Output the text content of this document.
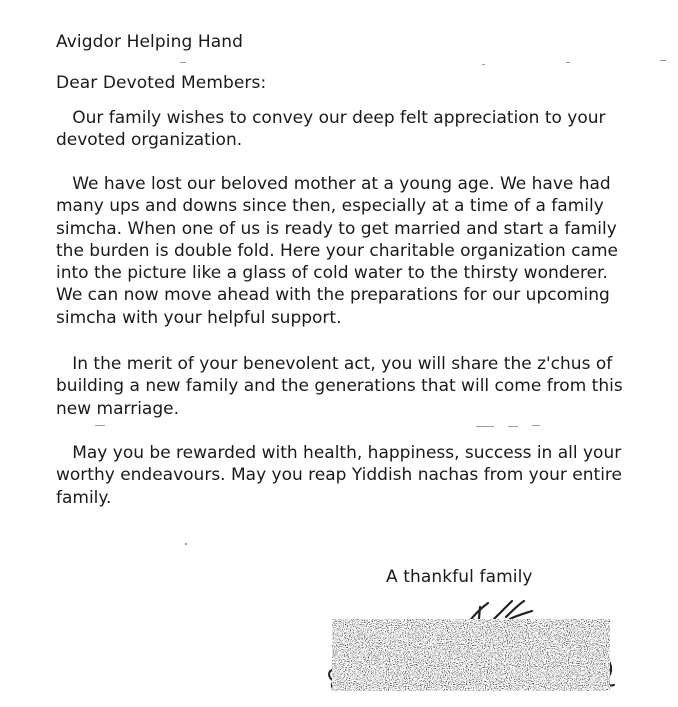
Avigdor Helping Hand
Dear Devoted Members:
Our family wishes to convey our deep felt appreciation to your
devoted organization.
We have lost our beloved mother at a young age. We have had
many ups and downs since then, especially at a time of a family
simcha. When one of us is ready to get married and start a family
the burden is double fold. Here your charitable organization came
into the picture like a glass of cold water to the thirsty wonderer.
We can now move ahead with the preparations for our upcoming
simcha with your helpful support.
In the merit of your benevolent act, you will share the z'chus of
building a new family and the generations that will come from this
new marriage.
May you be rewarded with health, happiness, success in all your
worthy endeavours. May you reap Yiddish nachas from your entire
family.
A thankful family
